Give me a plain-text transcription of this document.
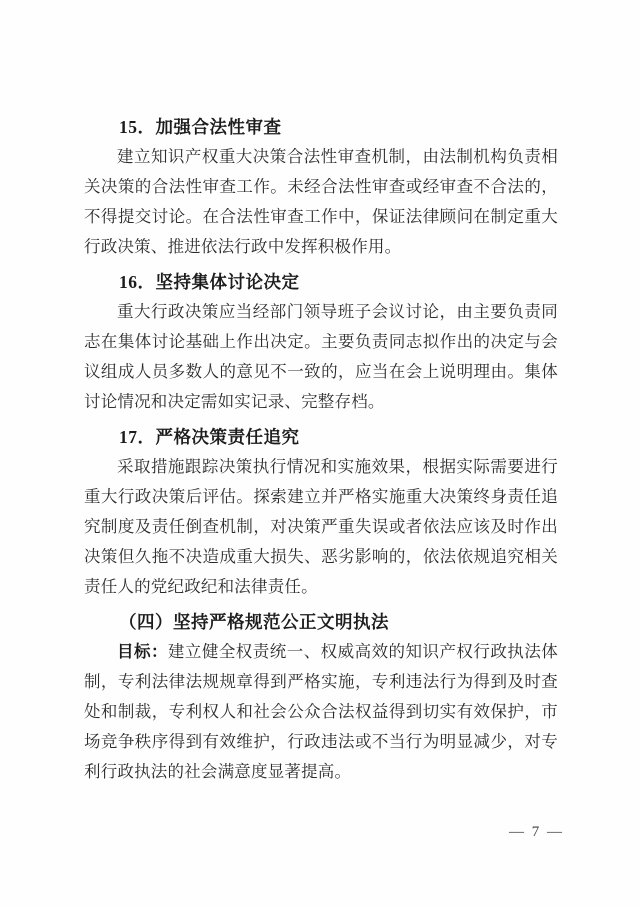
15．加强合法性审查

建立知识产权重大决策合法性审查机制，由法制机构负责相

关决策的合法性审查工作。未经合法性审查或经审查不合法的，

不得提交讨论。在合法性审查工作中，保证法律顾问在制定重大

行政决策、推进依法行政中发挥积极作用。

16．坚持集体讨论决定

重大行政决策应当经部门领导班子会议讨论，由主要负责同

志在集体讨论基础上作出决定。主要负责同志拟作出的决定与会

议组成人员多数人的意见不一致的，应当在会上说明理由。集体

讨论情况和决定需如实记录、完整存档。

17．严格决策责任追究

采取措施跟踪决策执行情况和实施效果，根据实际需要进行

重大行政决策后评估。探索建立并严格实施重大决策终身责任追

究制度及责任倒查机制，对决策严重失误或者依法应该及时作出

决策但久拖不决造成重大损失、恶劣影响的，依法依规追究相关

责任人的党纪政纪和法律责任。

（四）坚持严格规范公正文明执法

目标：建立健全权责统一、权威高效的知识产权行政执法体

制，专利法律法规规章得到严格实施，专利违法行为得到及时查

处和制裁，专利权人和社会公众合法权益得到切实有效保护，市

场竞争秩序得到有效维护，行政违法或不当行为明显减少，对专

利行政执法的社会满意度显著提高。

— 7 —
